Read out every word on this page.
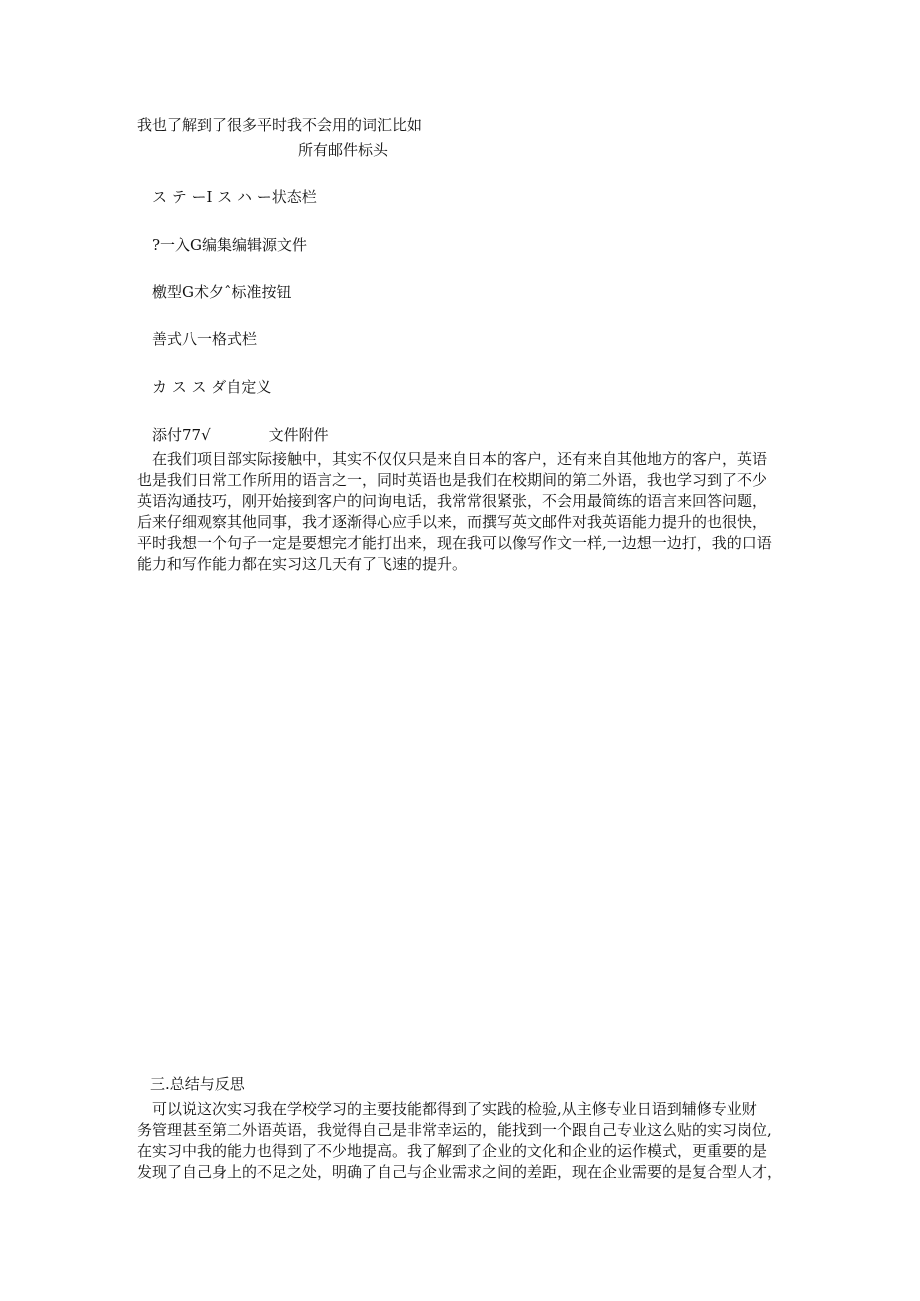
我也了解到了很多平时我不会用的词汇比如
所有邮件标头
ス テ ーI ス ハ ー状态栏
?一入G编集编辑源文件
檄型G术夕ˆ标准按钮
善式八一格式栏
カ ス ス ダ自定义
添付77√	文件附件

在我们项目部实际接触中，其实不仅仅只是来自日本的客户，还有来自其他地方的客户，英语

也是我们日常工作所用的语言之一，同时英语也是我们在校期间的第二外语，我也学习到了不少

英语沟通技巧，刚开始接到客户的问询电话，我常常很紧张，不会用最简练的语言来回答问题，

后来仔细观察其他同事，我才逐渐得心应手以来，而撰写英文邮件对我英语能力提升的也很快，

平时我想一个句子一定是要想完才能打出来，现在我可以像写作文一样,一边想一边打，我的口语

能力和写作能力都在实习这几天有了飞速的提升。

三.总结与反思

可以说这次实习我在学校学习的主要技能都得到了实践的检验,从主修专业日语到辅修专业财

务管理甚至第二外语英语，我觉得自己是非常幸运的，能找到一个跟自己专业这么贴的实习岗位,

在实习中我的能力也得到了不少地提高。我了解到了企业的文化和企业的运作模式，更重要的是

发现了自己身上的不足之处，明确了自己与企业需求之间的差距，现在企业需要的是复合型人才，
